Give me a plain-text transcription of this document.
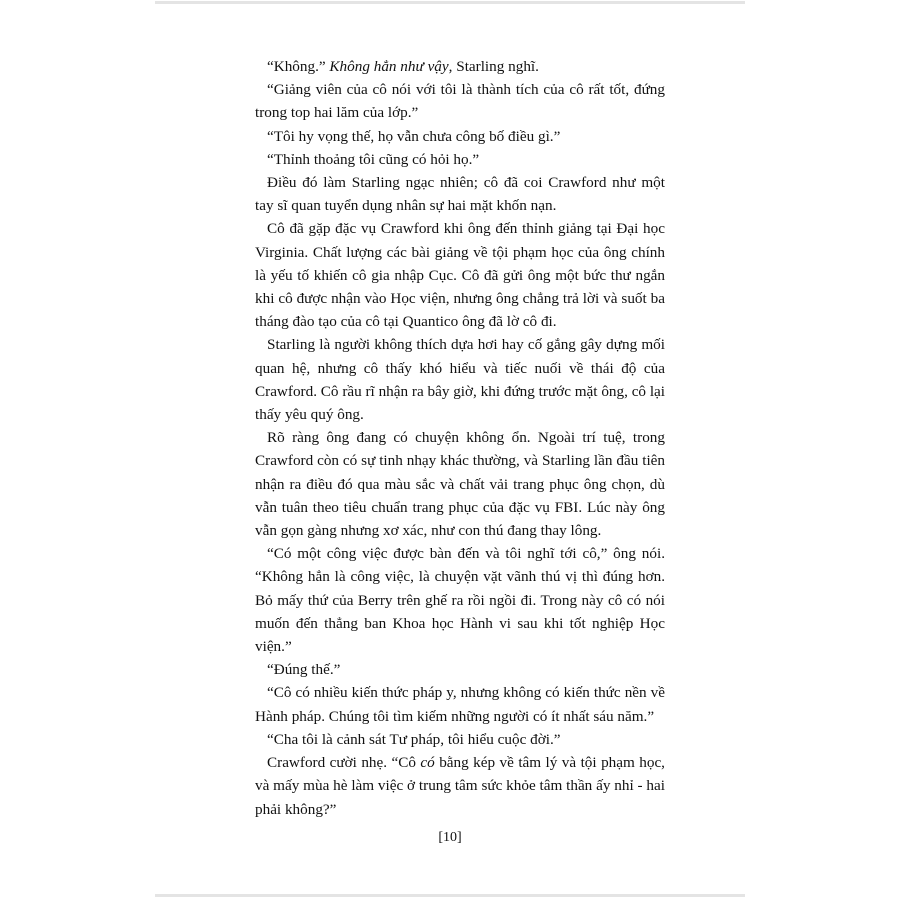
“Không.” Không hẳn như vậy, Starling nghĩ.

“Giảng viên của cô nói với tôi là thành tích của cô rất tốt, đứng trong top hai lăm của lớp.”

“Tôi hy vọng thế, họ vẫn chưa công bố điều gì.”

“Thỉnh thoảng tôi cũng có hỏi họ.”

Điều đó làm Starling ngạc nhiên; cô đã coi Crawford như một tay sĩ quan tuyển dụng nhân sự hai mặt khốn nạn.

Cô đã gặp đặc vụ Crawford khi ông đến thỉnh giảng tại Đại học Virginia. Chất lượng các bài giảng về tội phạm học của ông chính là yếu tố khiến cô gia nhập Cục. Cô đã gửi ông một bức thư ngắn khi cô được nhận vào Học viện, nhưng ông chẳng trả lời và suốt ba tháng đào tạo của cô tại Quantico ông đã lờ cô đi.

Starling là người không thích dựa hơi hay cố gắng gây dựng mối quan hệ, nhưng cô thấy khó hiểu và tiếc nuối về thái độ của Crawford. Cô rầu rĩ nhận ra bây giờ, khi đứng trước mặt ông, cô lại thấy yêu quý ông.

Rõ ràng ông đang có chuyện không ổn. Ngoài trí tuệ, trong Crawford còn có sự tinh nhạy khác thường, và Starling lần đầu tiên nhận ra điều đó qua màu sắc và chất vải trang phục ông chọn, dù vẫn tuân theo tiêu chuẩn trang phục của đặc vụ FBI. Lúc này ông vẫn gọn gàng nhưng xơ xác, như con thú đang thay lông.

“Có một công việc được bàn đến và tôi nghĩ tới cô,” ông nói. “Không hẳn là công việc, là chuyện vặt vãnh thú vị thì đúng hơn. Bỏ mấy thứ của Berry trên ghế ra rồi ngồi đi. Trong này cô có nói muốn đến thẳng ban Khoa học Hành vi sau khi tốt nghiệp Học viện.”

“Đúng thế.”

“Cô có nhiều kiến thức pháp y, nhưng không có kiến thức nền về Hành pháp. Chúng tôi tìm kiếm những người có ít nhất sáu năm.”

“Cha tôi là cảnh sát Tư pháp, tôi hiểu cuộc đời.”

Crawford cười nhẹ. “Cô có bằng kép về tâm lý và tội phạm học, và mấy mùa hè làm việc ở trung tâm sức khỏe tâm thần ấy nhỉ - hai phải không?”

[10]
